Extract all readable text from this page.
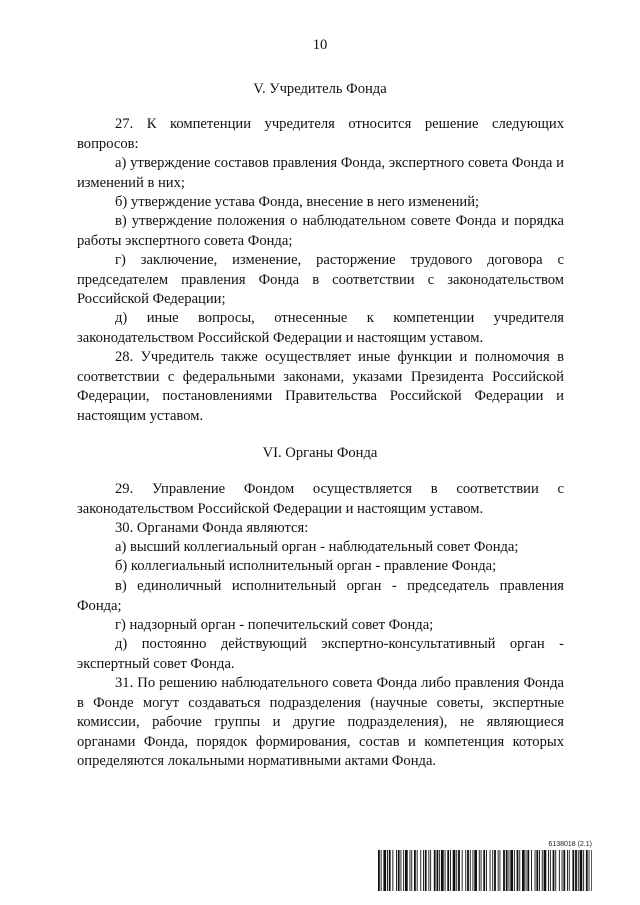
10
V. Учредитель Фонда

27. К компетенции учредителя относится решение следующих вопросов:

а) утверждение составов правления Фонда, экспертного совета Фонда и изменений в них;

б) утверждение устава Фонда, внесение в него изменений;

в) утверждение положения о наблюдательном совете Фонда и порядка работы экспертного совета Фонда;

г) заключение, изменение, расторжение трудового договора с председателем правления Фонда в соответствии с законодательством Российской Федерации;

д) иные вопросы, отнесенные к компетенции учредителя законодательством Российской Федерации и настоящим уставом.

28. Учредитель также осуществляет иные функции и полномочия в соответствии с федеральными законами, указами Президента Российской Федерации, постановлениями Правительства Российской Федерации и настоящим уставом.

VI. Органы Фонда

29. Управление Фондом осуществляется в соответствии с законодательством Российской Федерации и настоящим уставом.

30. Органами Фонда являются:

а) высший коллегиальный орган - наблюдательный совет Фонда;

б) коллегиальный исполнительный орган - правление Фонда;

в) единоличный исполнительный орган - председатель правления Фонда;

г) надзорный орган - попечительский совет Фонда;

д) постоянно действующий экспертно-консультативный орган - экспертный совет Фонда.

31. По решению наблюдательного совета Фонда либо правления Фонда в Фонде могут создаваться подразделения (научные советы, экспертные комиссии, рабочие группы и другие подразделения), не являющиеся органами Фонда, порядок формирования, состав и компетенция которых определяются локальными нормативными актами Фонда.

6138018 (2.1)
